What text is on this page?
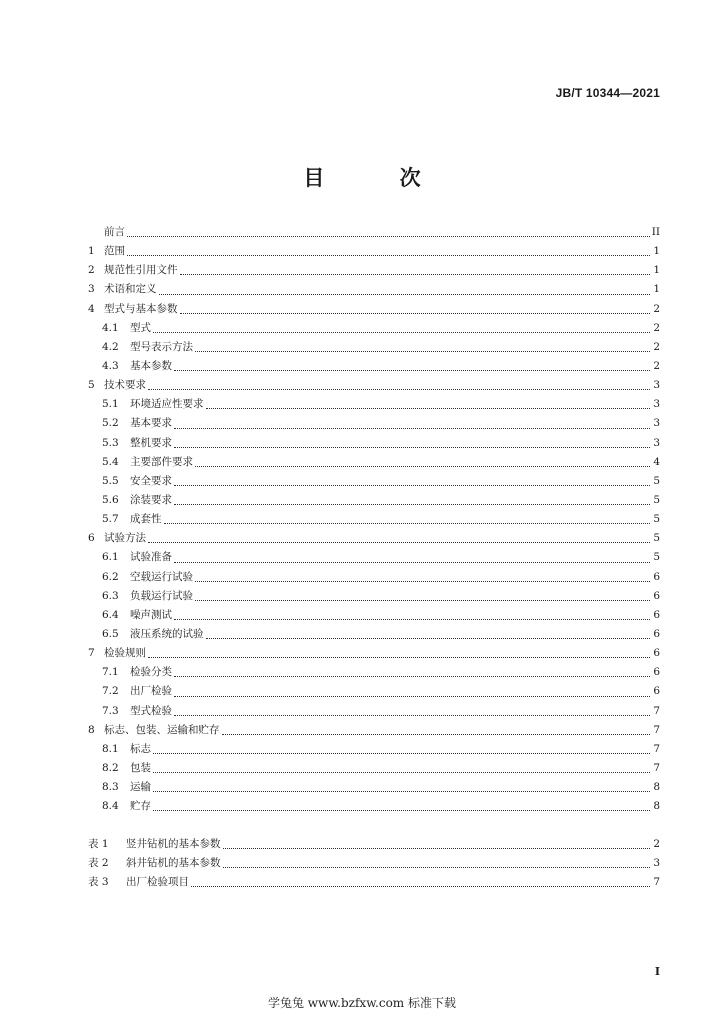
JB/T 10344—2021
目 次
前言	II
1 范围	1
2 规范性引用文件	1
3 术语和定义	1
4 型式与基本参数	2
4.1	型式	2
4.2	型号表示方法	2
4.3	基本参数	2
5 技术要求	3
5.1	环境适应性要求	3
5.2	基本要求	3
5.3	整机要求	3
5.4	主要部件要求	4
5.5	安全要求	5
5.6	涂装要求	5
5.7	成套性	5
6 试验方法	5
6.1	试验准备	5
6.2	空载运行试验	6
6.3	负载运行试验	6
6.4	噪声测试	6
6.5	液压系统的试验	6
7 检验规则	6
7.1	检验分类	6
7.2	出厂检验	6
7.3	型式检验	7
8 标志、包装、运输和贮存	7
8.1	标志	7
8.2	包装	7
8.3	运输	8
8.4	贮存	8
表 1	竖井钻机的基本参数	2
表 2	斜井钻机的基本参数	3
表 3	出厂检验项目	7
I
学兔兔 www.bzfxw.com 标准下载
